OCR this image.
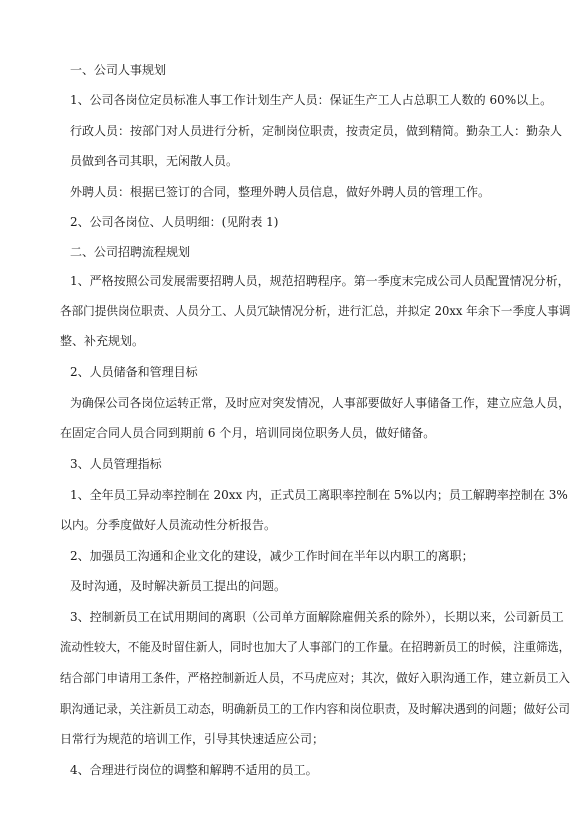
一、公司人事规划
1、公司各岗位定员标准人事工作计划生产人员：保证生产工人占总职工人数的 60%以上。
行政人员：按部门对人员进行分析，定制岗位职责，按责定员，做到精简。勤杂工人：勤杂人
员做到各司其职，无闲散人员。
外聘人员：根据已签订的合同，整理外聘人员信息，做好外聘人员的管理工作。
2、公司各岗位、人员明细：(见附表 1)
二、公司招聘流程规划
1、严格按照公司发展需要招聘人员，规范招聘程序。第一季度末完成公司人员配置情况分析，
各部门提供岗位职责、人员分工、人员冗缺情况分析，进行汇总，并拟定 20xx 年余下一季度人事调
整、补充规划。
2、人员储备和管理目标
为确保公司各岗位运转正常，及时应对突发情况，人事部要做好人事储备工作，建立应急人员，
在固定合同人员合同到期前 6 个月，培训同岗位职务人员，做好储备。
3、人员管理指标
1、全年员工异动率控制在 20xx 内，正式员工离职率控制在 5%以内；员工解聘率控制在 3%
以内。分季度做好人员流动性分析报告。
2、加强员工沟通和企业文化的建设，减少工作时间在半年以内职工的离职；
及时沟通，及时解决新员工提出的问题。
3、控制新员工在试用期间的离职（公司单方面解除雇佣关系的除外），长期以来，公司新员工
流动性较大，不能及时留住新人，同时也加大了人事部门的工作量。在招聘新员工的时候，注重筛选，
结合部门申请用工条件，严格控制新近人员，不马虎应对；其次，做好入职沟通工作，建立新员工入
职沟通记录，关注新员工动态，明确新员工的工作内容和岗位职责，及时解决遇到的问题；做好公司
日常行为规范的培训工作，引导其快速适应公司；
4、合理进行岗位的调整和解聘不适用的员工。
